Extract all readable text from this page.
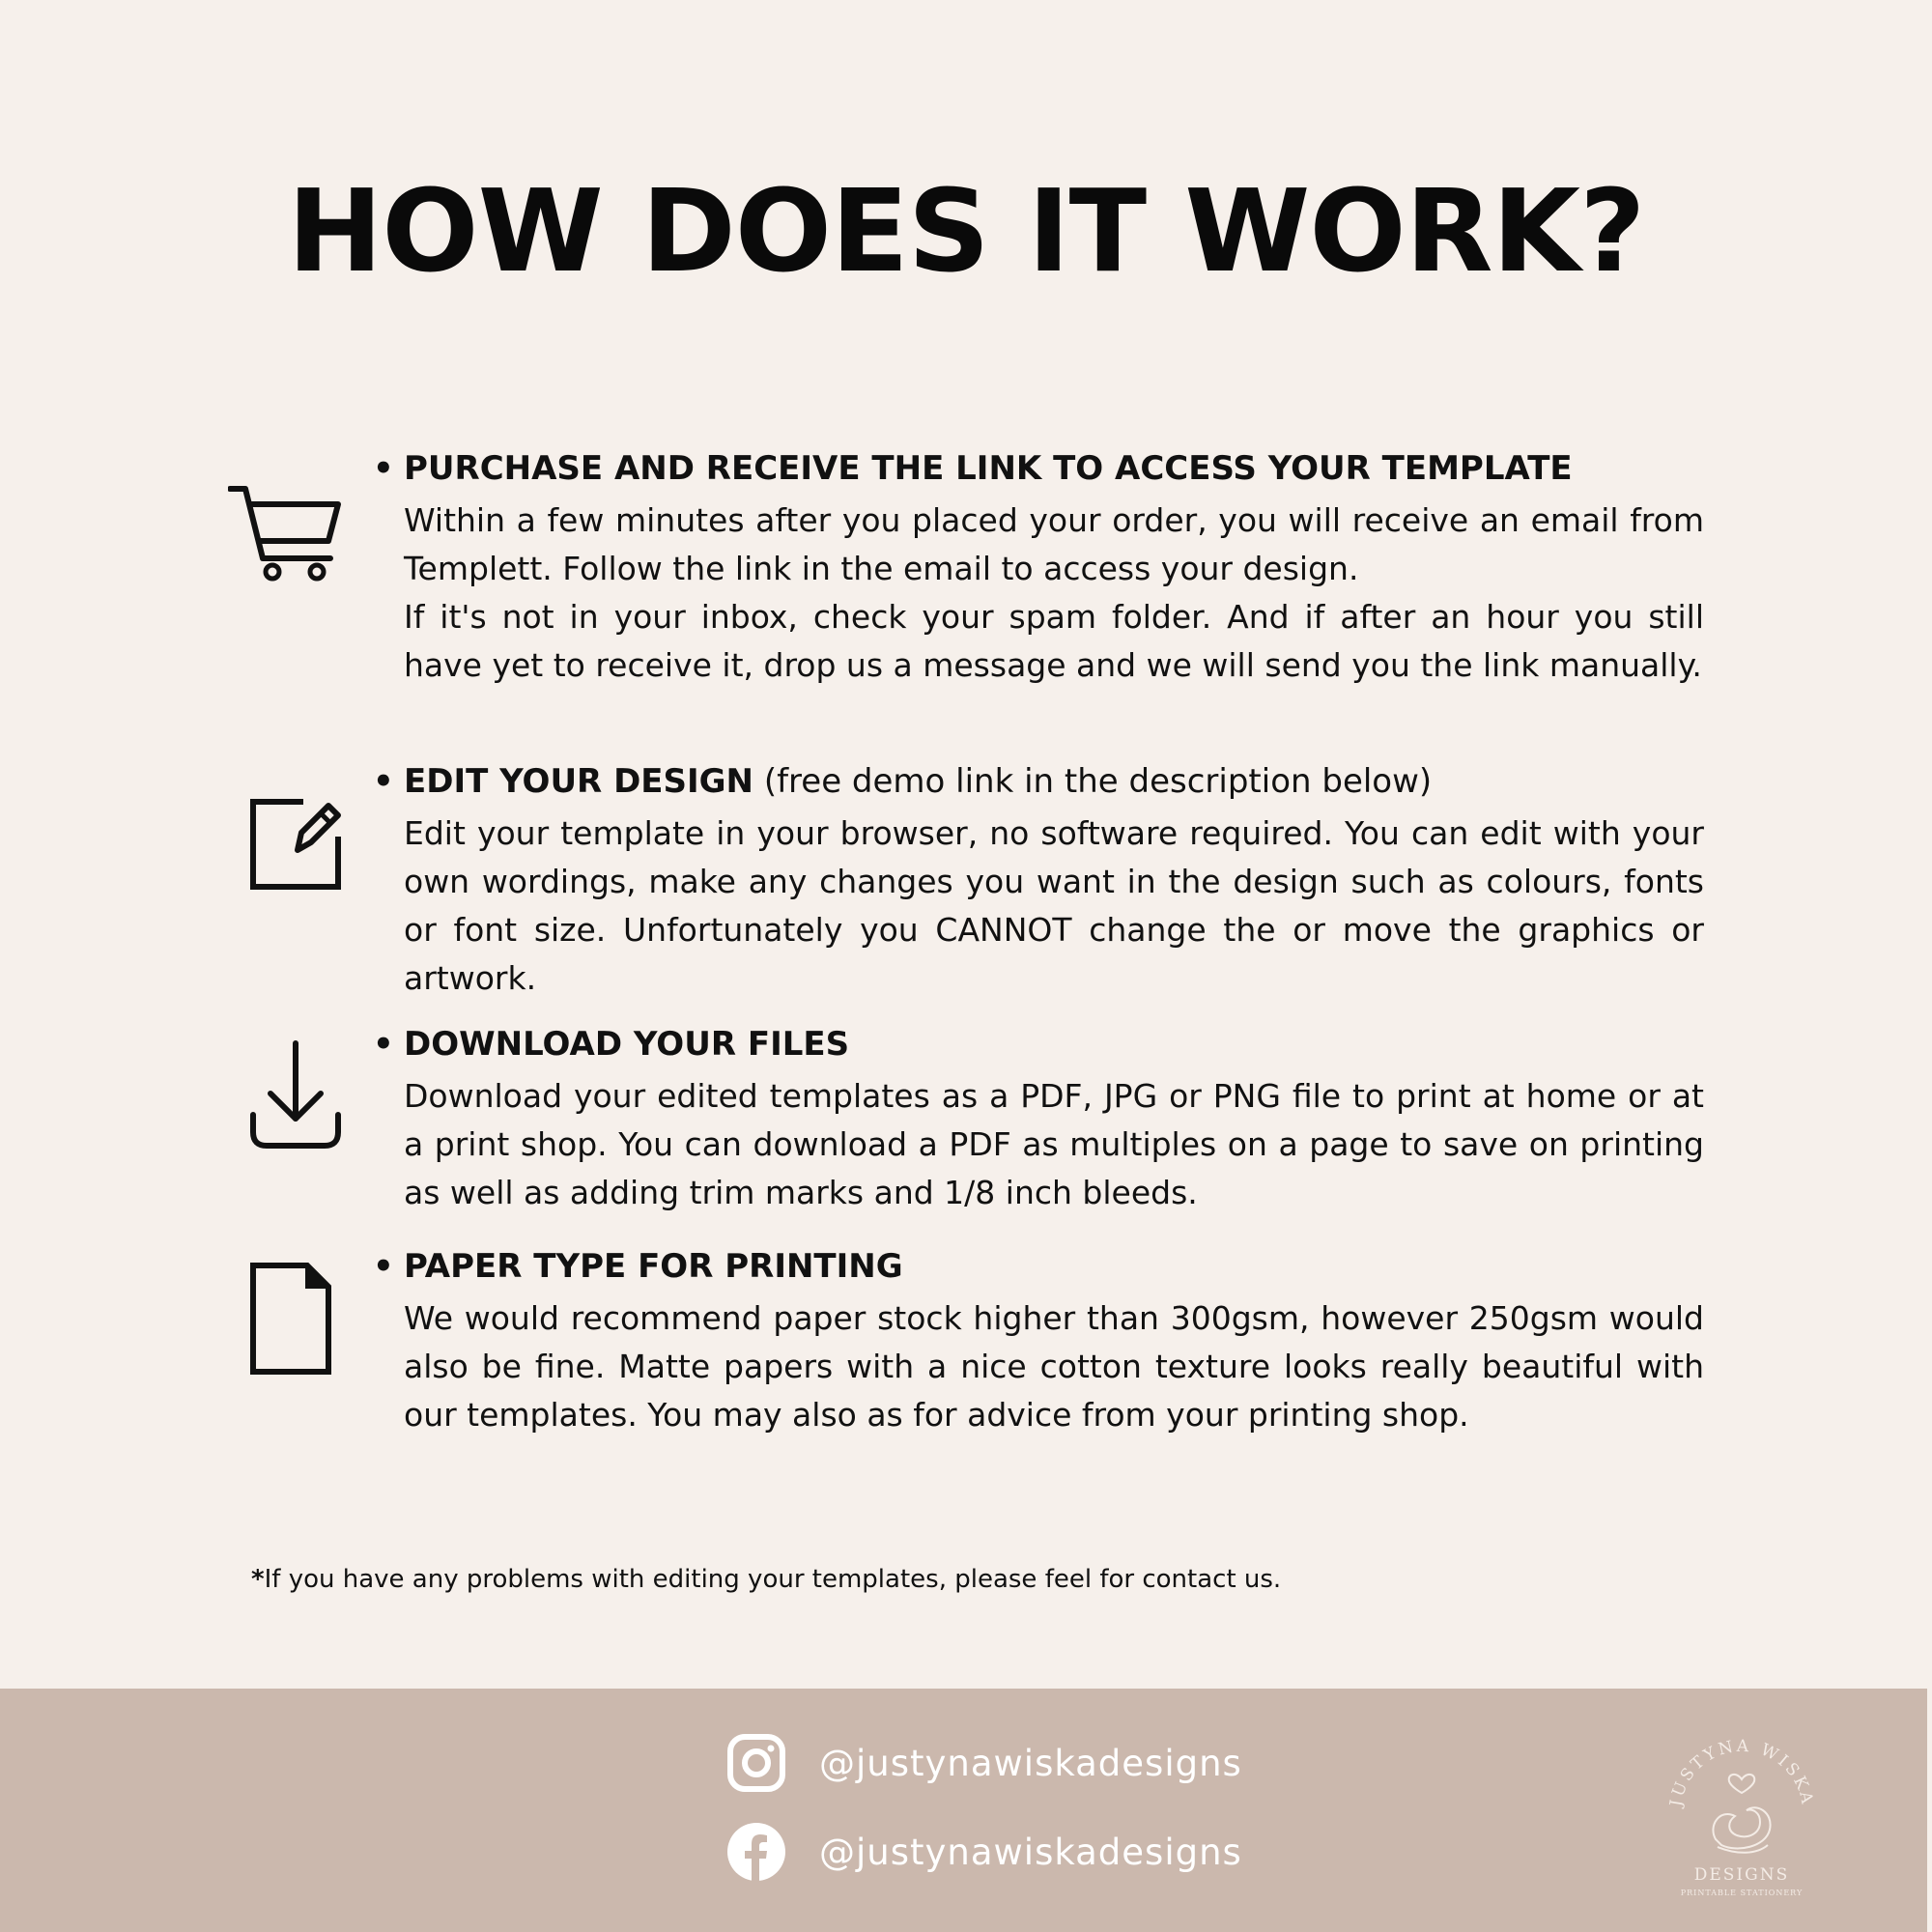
HOW DOES IT WORK?

• PURCHASE AND RECEIVE THE LINK TO ACCESS YOUR TEMPLATE

Within a few minutes after you placed your order, you will receive an email from Templett. Follow the link in the email to access your design.

If it's not in your inbox, check your spam folder. And if after an hour you still have yet to receive it, drop us a message and we will send you the link manually.

• EDIT YOUR DESIGN (free demo link in the description below)

Edit your template in your browser, no software required. You can edit with your own wordings, make any changes you want in the design such as colours, fonts or font size. Unfortunately you CANNOT change the or move the graphics or artwork.

• DOWNLOAD YOUR FILES

Download your edited templates as a PDF, JPG or PNG file to print at home or at a print shop. You can download a PDF as multiples on a page to save on printing as well as adding trim marks and 1/8 inch bleeds.

• PAPER TYPE FOR PRINTING

We would recommend paper stock higher than 300gsm, however 250gsm would also be fine. Matte papers with a nice cotton texture looks really beautiful with our templates. You may also as for advice from your printing shop.

*If you have any problems with editing your templates, please feel for contact us.
@justynawiskadesigns
@justynawiskadesigns
JUSTYNA WISKA
DESIGNS
PRINTABLE STATIONERY
